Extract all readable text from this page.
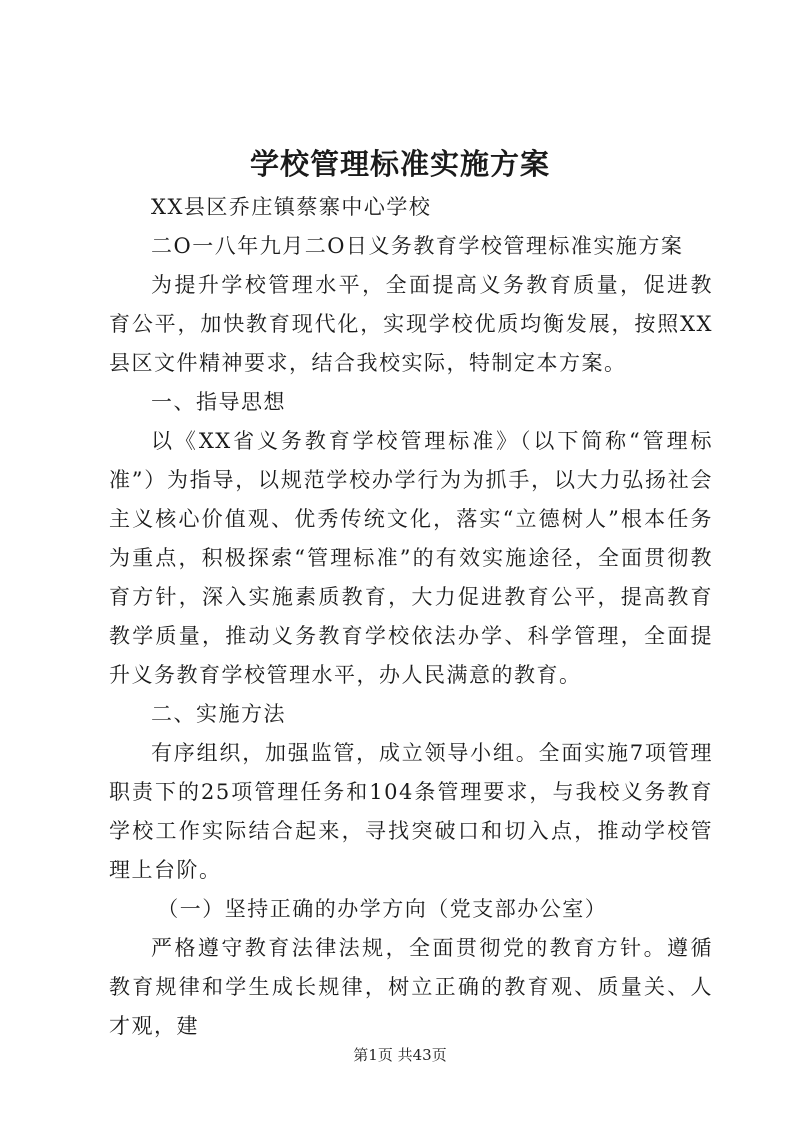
学校管理标准实施方案

XX县区乔庄镇蔡寨中心学校

二O一八年九月二O日义务教育学校管理标准实施方案

为提升学校管理水平，全面提高义务教育质量，促进教育公平，加快教育现代化，实现学校优质均衡发展，按照XX县区文件精神要求，结合我校实际，特制定本方案。

一、指导思想

以《XX省义务教育学校管理标准》（以下简称“管理标准”）为指导，以规范学校办学行为为抓手，以大力弘扬社会主义核心价值观、优秀传统文化，落实“立德树人”根本任务为重点，积极探索“管理标准”的有效实施途径，全面贯彻教育方针，深入实施素质教育，大力促进教育公平，提高教育教学质量，推动义务教育学校依法办学、科学管理，全面提升义务教育学校管理水平，办人民满意的教育。

二、实施方法

有序组织，加强监管，成立领导小组。全面实施7项管理职责下的25项管理任务和104条管理要求，与我校义务教育学校工作实际结合起来，寻找突破口和切入点，推动学校管理上台阶。

（一）坚持正确的办学方向（党支部办公室）

严格遵守教育法律法规，全面贯彻党的教育方针。遵循教育规律和学生成长规律，树立正确的教育观、质量关、人才观，建

第1页 共43页
